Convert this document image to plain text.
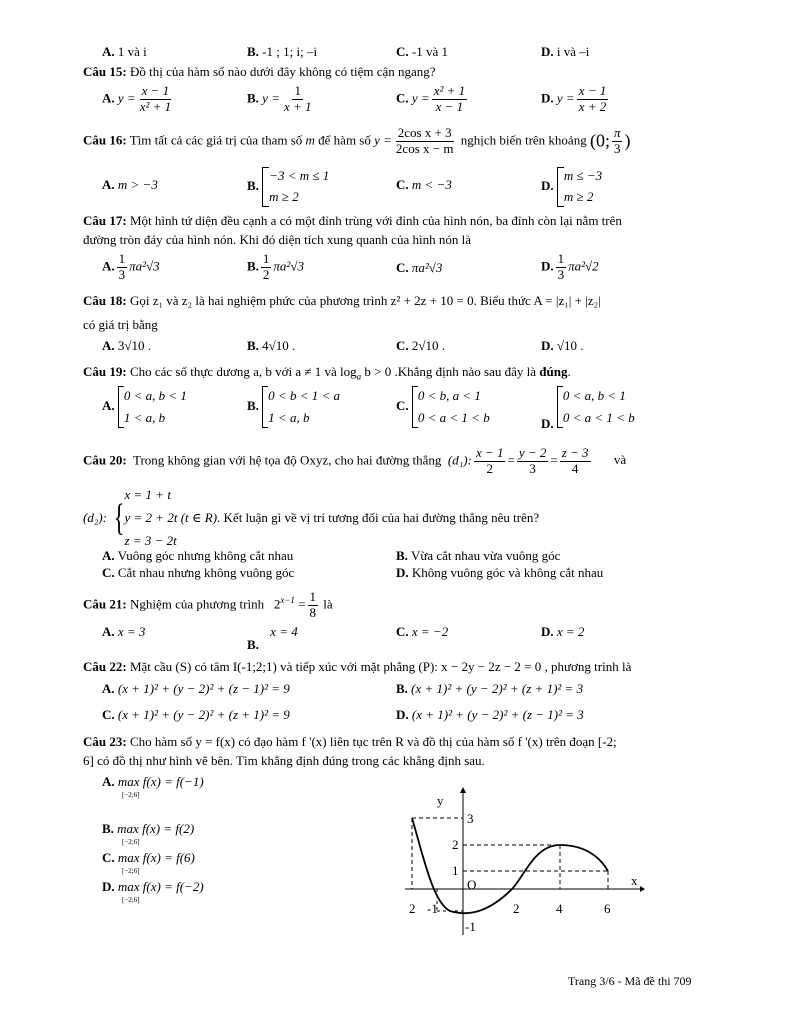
A. 1 và i	B. -1 ; 1; i; –i	C. -1 và 1	D. i và –i
Câu 15: Đồ thị của hàm số nào dưới đây không có tiệm cận ngang?
A. $y = \frac{x - 1}{\text{x² + 1}}$	B. $y = \frac{1}{x + 1}$	C. $y = \frac{\text{x² + 1}}{x - 1}$	D. $y = \frac{x - 1}{x + 2}$
Câu 16: Tìm tất cả các giá trị của tham số m để hàm số $y = \frac{\text{2cos x + 3}}{\text{2cos x − m}}$ nghịch biến trên khoảng (0; $\frac{\pi}{3}$ )
A. m > −3	B. −3 < m ≤ 1
m ≥ 2
C. m < −3	D. m ≤ −3
m ≥ 2
Câu 17: Một hình tứ diện đều cạnh a có một đỉnh trùng với đỉnh của hình nón, ba đỉnh còn lại nằm trên
đường tròn đáy của hình nón. Khi đó diện tích xung quanh của hình nón là
A. $\frac{1}{3} \pi a^2√3$	B. $\frac{1}{2} \pi a^2√3$	C. πa²√3	D. $\frac{1}{3} \pi a^2√2$
Câu 18: Gọi z₁ và z₂ là hai nghiệm phức của phương trình z² + 2z + 10 = 0. Biểu thức A = |z₁| + |z₂|
có giá trị bằng
A. 3√10 .	B. 4√10 .	C. 2√10 .	D. √10 .
Câu 19: Cho các số thực dương a, b với a ≠ 1 và $\log_a b > 0$ .Khẳng định nào sau đây là đúng.
A. 0 < a, b < 1
1 < a, b
B. 0 < b < 1 < a
1 < a, b
C. 0 < b, a < 1
0 < a < 1 < b	D. 0 < a, b < 1
0 < a < 1 < b
Câu 20: Trong không gian với hệ tọa độ Oxyz, cho hai đường thẳng (d₁): $\frac{x - 1}{2} = \frac{y - 2}{3} = \frac{z - 3}{4}$ và
(d₂): {x = 1 + t
y = 2 + 2t (t ∈ R)
z = 3 − 2t. Kết luận gì về vị trí tương đối của hai đường thẳng nêu trên?
A. Vuông góc nhưng không cắt nhau	B. Vừa cắt nhau vừa vuông góc
C. Cắt nhau nhưng không vuông góc	D. Không vuông góc và không cắt nhau
Câu 21: Nghiệm của phương trình $2^{x-1} = \frac{1}{8}$ là
A. x = 3
B. x = 4	C. x = −2	D. x = 2
Câu 22: Mặt cầu (S) có tâm I(-1;2;1) và tiếp xúc với mặt phẳng (P): x − 2y − 2z − 2 = 0 , phương trình là
A. (x + 1)² + (y − 2)² + (z − 1)² = 9	B. (x + 1)² + (y − 2)² + (z + 1)² = 3
C. (x + 1)² + (y − 2)² + (z + 1)² = 9	D. (x + 1)² + (y − 2)² + (z − 1)² = 3
Câu 23: Cho hàm số y = f(x) có đạo hàm f '(x) liên tục trên R và đồ thị của hàm số f '(x) trên đoạn [-2;
6] có đồ thị như hình vẽ bên. Tìm khẳng định đúng trong các khẳng định sau.
A. max f(x) = f(−1)
[−2;6]
B. max f(x) = f(2)
[−2;6]
C. max f(x) = f(6)
[−2;6]
D. max f(x) = f(−2)
[−2;6]
y
x
O
3
2
1
-1
2 -1	2	4	6
Trang 3/6 - Mã đề thi 709
